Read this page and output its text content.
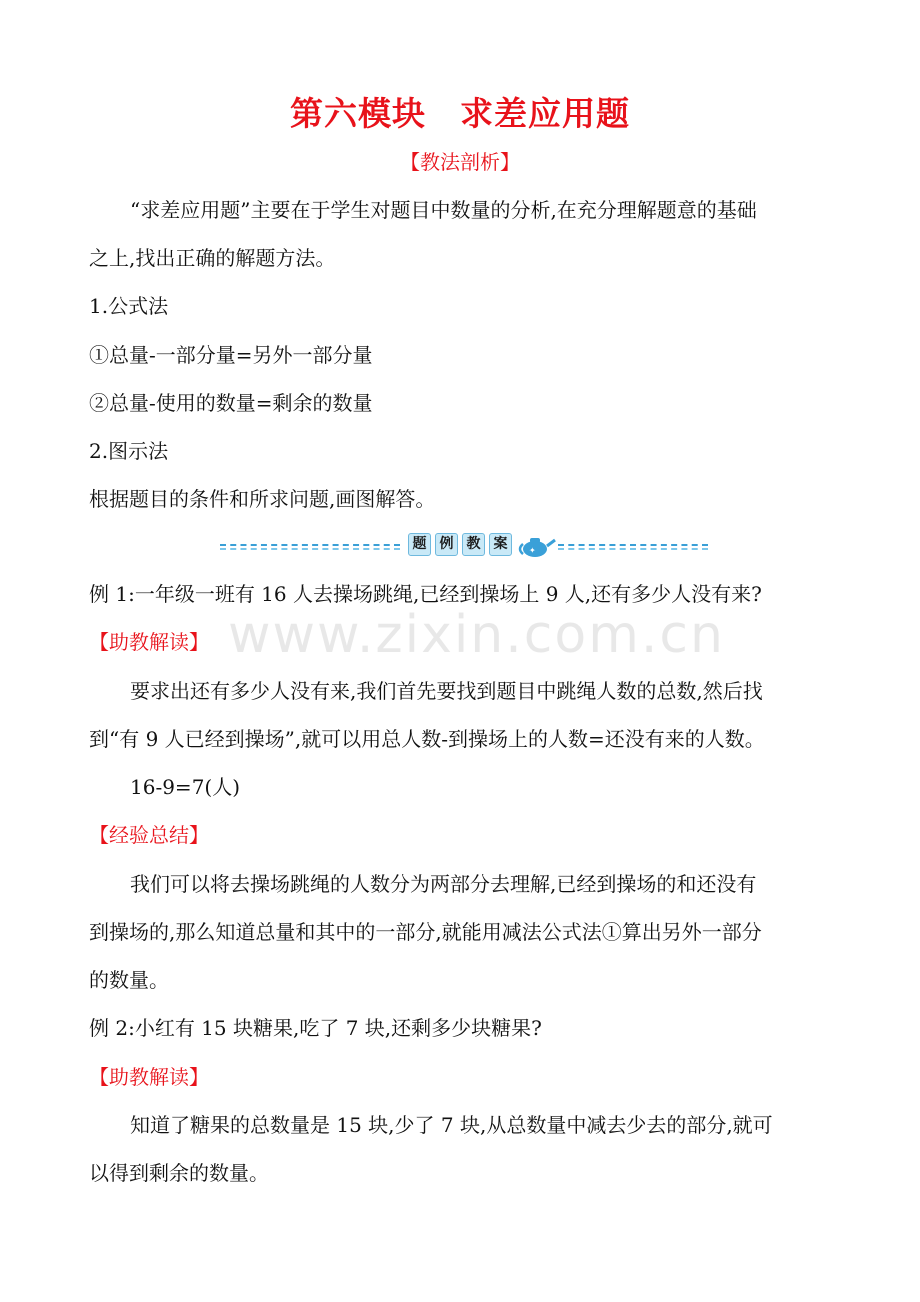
第六模块　求差应用题
【教法剖析】
“求差应用题”主要在于学生对题目中数量的分析,在充分理解题意的基础
之上,找出正确的解题方法。
1.公式法
①总量-一部分量=另外一部分量
②总量-使用的数量=剩余的数量
2.图示法
根据题目的条件和所求问题,画图解答。
题 例 教 案	✦
例 1:一年级一班有 16 人去操场跳绳,已经到操场上 9 人,还有多少人没有来?
www.zixin.com.cn
【助教解读】
要求出还有多少人没有来,我们首先要找到题目中跳绳人数的总数,然后找
到“有 9 人已经到操场”,就可以用总人数-到操场上的人数=还没有来的人数。
16-9=7(人)
【经验总结】
我们可以将去操场跳绳的人数分为两部分去理解,已经到操场的和还没有
到操场的,那么知道总量和其中的一部分,就能用减法公式法①算出另外一部分
的数量。
例 2:小红有 15 块糖果,吃了 7 块,还剩多少块糖果?
【助教解读】
知道了糖果的总数量是 15 块,少了 7 块,从总数量中减去少去的部分,就可
以得到剩余的数量。
